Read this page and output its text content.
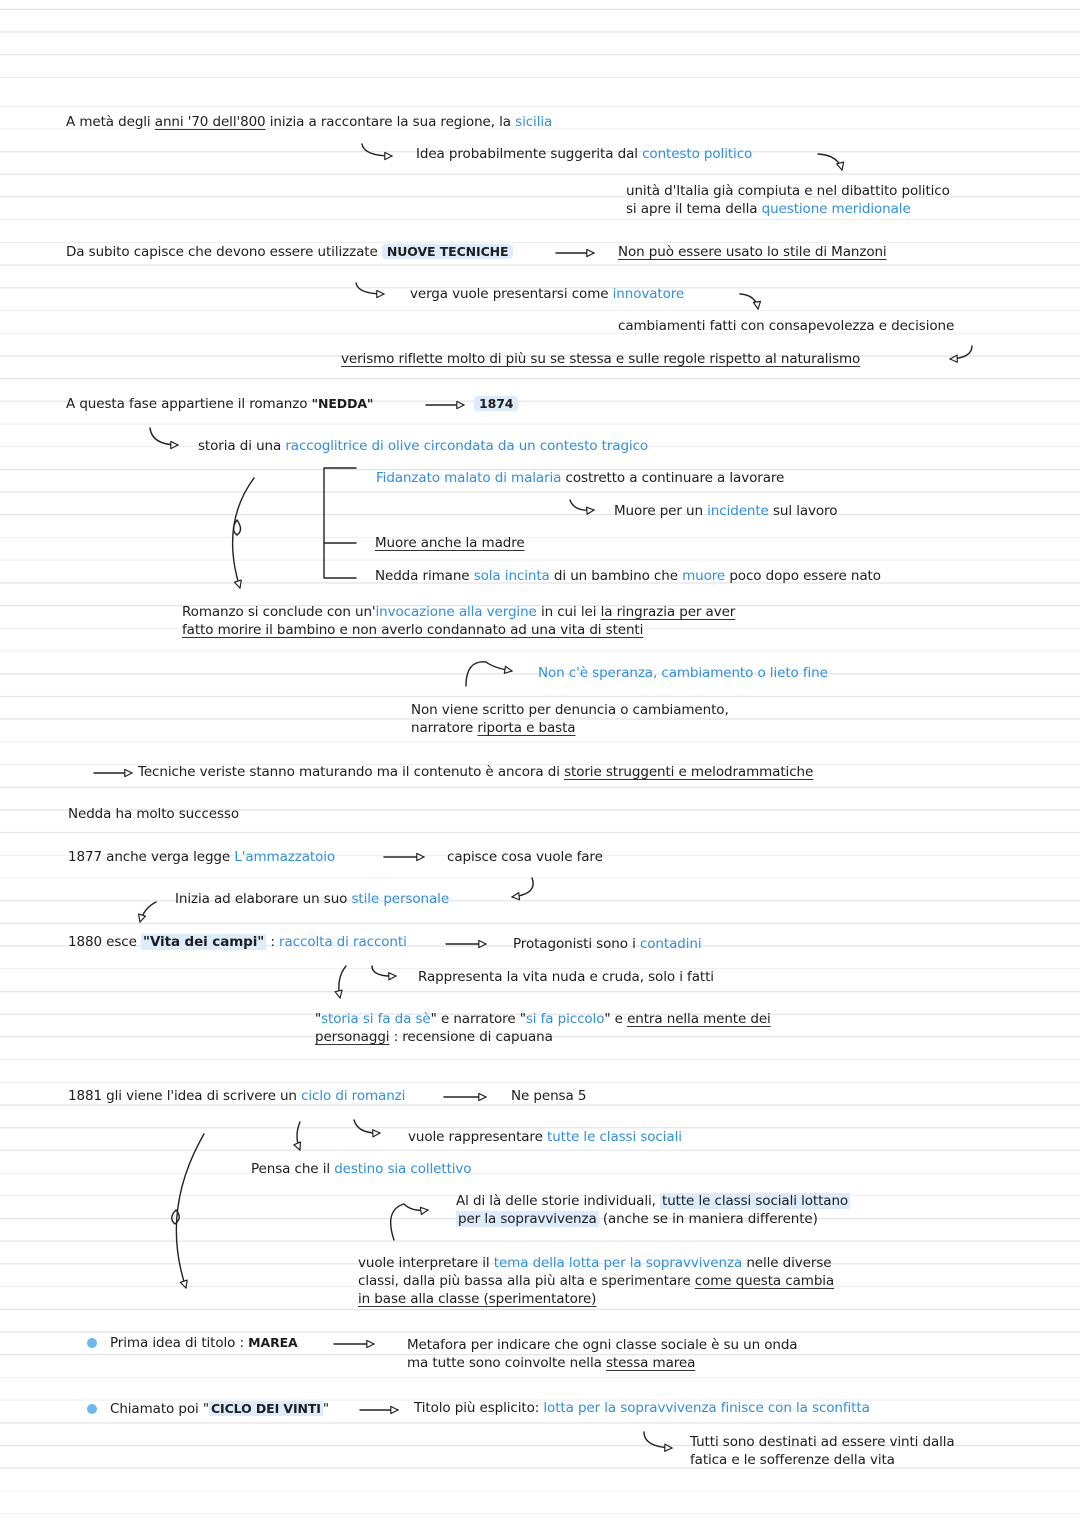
A metà degli anni '70 dell'800 inizia a raccontare la sua regione, la sicilia
Idea probabilmente suggerita dal contesto politico
unità d'Italia già compiuta e nel dibattito politico
si apre il tema della questione meridionale
Da subito capisce che devono essere utilizzate NUOVE TECNICHE	Non può essere usato lo stile di Manzoni
verga vuole presentarsi come innovatore
cambiamenti fatti con consapevolezza e decisione
verismo riflette molto di più su se stessa e sulle regole rispetto al naturalismo
A questa fase appartiene il romanzo "NEDDA"	1874
storia di una raccoglitrice di olive circondata da un contesto tragico
Fidanzato malato di malaria costretto a continuare a lavorare
Muore per un incidente sul lavoro
Muore anche la madre
Nedda rimane sola incinta di un bambino che muore poco dopo essere nato
Romanzo si conclude con un'invocazione alla vergine in cui lei la ringrazia per aver
fatto morire il bambino e non averlo condannato ad una vita di stenti
Non c'è speranza, cambiamento o lieto fine
Non viene scritto per denuncia o cambiamento,
narratore riporta e basta
Tecniche veriste stanno maturando ma il contenuto è ancora di storie struggenti e melodrammatiche
Nedda ha molto successo
1877 anche verga legge L'ammazzatoio	capisce cosa vuole fare
Inizia ad elaborare un suo stile personale
1880 esce "Vita dei campi" : raccolta di racconti	Protagonisti sono i contadini
Rappresenta la vita nuda e cruda, solo i fatti
"storia si fa da sè" e narratore "si fa piccolo" e entra nella mente dei
personaggi : recensione di capuana
1881 gli viene l'idea di scrivere un ciclo di romanzi	Ne pensa 5
vuole rappresentare tutte le classi sociali
Pensa che il destino sia collettivo
Al di là delle storie individuali, tutte le classi sociali lottano
per la sopravvivenza (anche se in maniera differente)
vuole interpretare il tema della lotta per la sopravvivenza nelle diverse
classi, dalla più bassa alla più alta e sperimentare come questa cambia
in base alla classe (sperimentatore)
Prima idea di titolo : MAREA	Metafora per indicare che ogni classe sociale è su un onda
ma tutte sono coinvolte nella stessa marea
Chiamato poi " CICLO DEI VINTI "	Titolo più esplicito: lotta per la sopravvivenza finisce con la sconfitta
Tutti sono destinati ad essere vinti dalla
fatica e le sofferenze della vita
